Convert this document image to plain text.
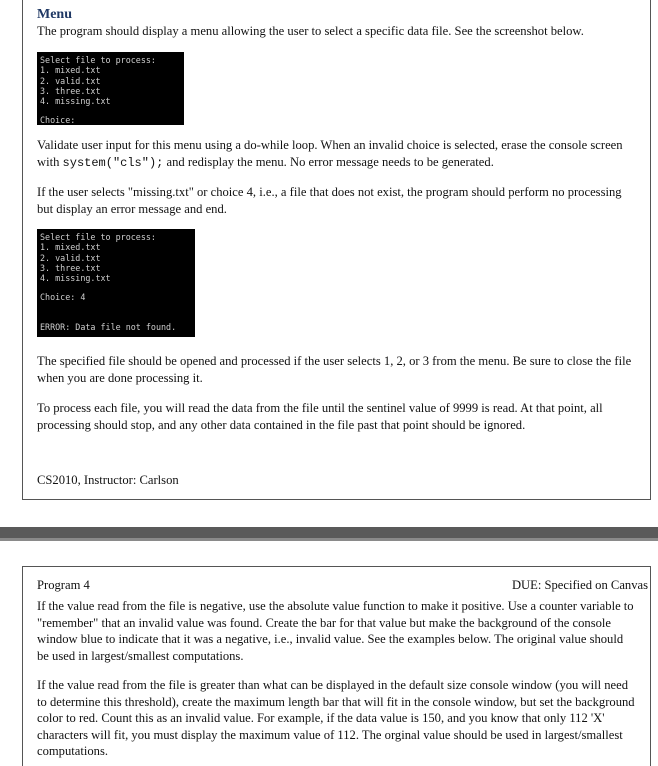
Menu

The program should display a menu allowing the user to select a specific data file. See the screenshot below.

Select file to process:
1. mixed.txt
2. valid.txt
3. three.txt
4. missing.txt
Choice:

Validate user input for this menu using a do-while loop. When an invalid choice is selected, erase the console screen with system("cls"); and redisplay the menu. No error message needs to be generated.

If the user selects "missing.txt" or choice 4, i.e., a file that does not exist, the program should perform no processing but display an error message and end.

Select file to process:
1. mixed.txt
2. valid.txt
3. three.txt
4. missing.txt
Choice: 4
ERROR: Data file not found.

The specified file should be opened and processed if the user selects 1, 2, or 3 from the menu. Be sure to close the file when you are done processing it.

To process each file, you will read the data from the file until the sentinel value of 9999 is read. At that point, all processing should stop, and any other data contained in the file past that point should be ignored.

CS2010, Instructor: Carlson

Program 4	DUE: Specified on Canvas

If the value read from the file is negative, use the absolute value function to make it positive. Use a counter variable to "remember" that an invalid value was found. Create the bar for that value but make the background of the console window blue to indicate that it was a negative, i.e., invalid value. See the examples below. The original value should be used in largest/smallest computations.

If the value read from the file is greater than what can be displayed in the default size console window (you will need to determine this threshold), create the maximum length bar that will fit in the console window, but set the background color to red. Count this as an invalid value. For example, if the data value is 150, and you know that only 112 'X' characters will fit, you must display the maximum value of 112. The orginal value should be used in largest/smallest computations.
